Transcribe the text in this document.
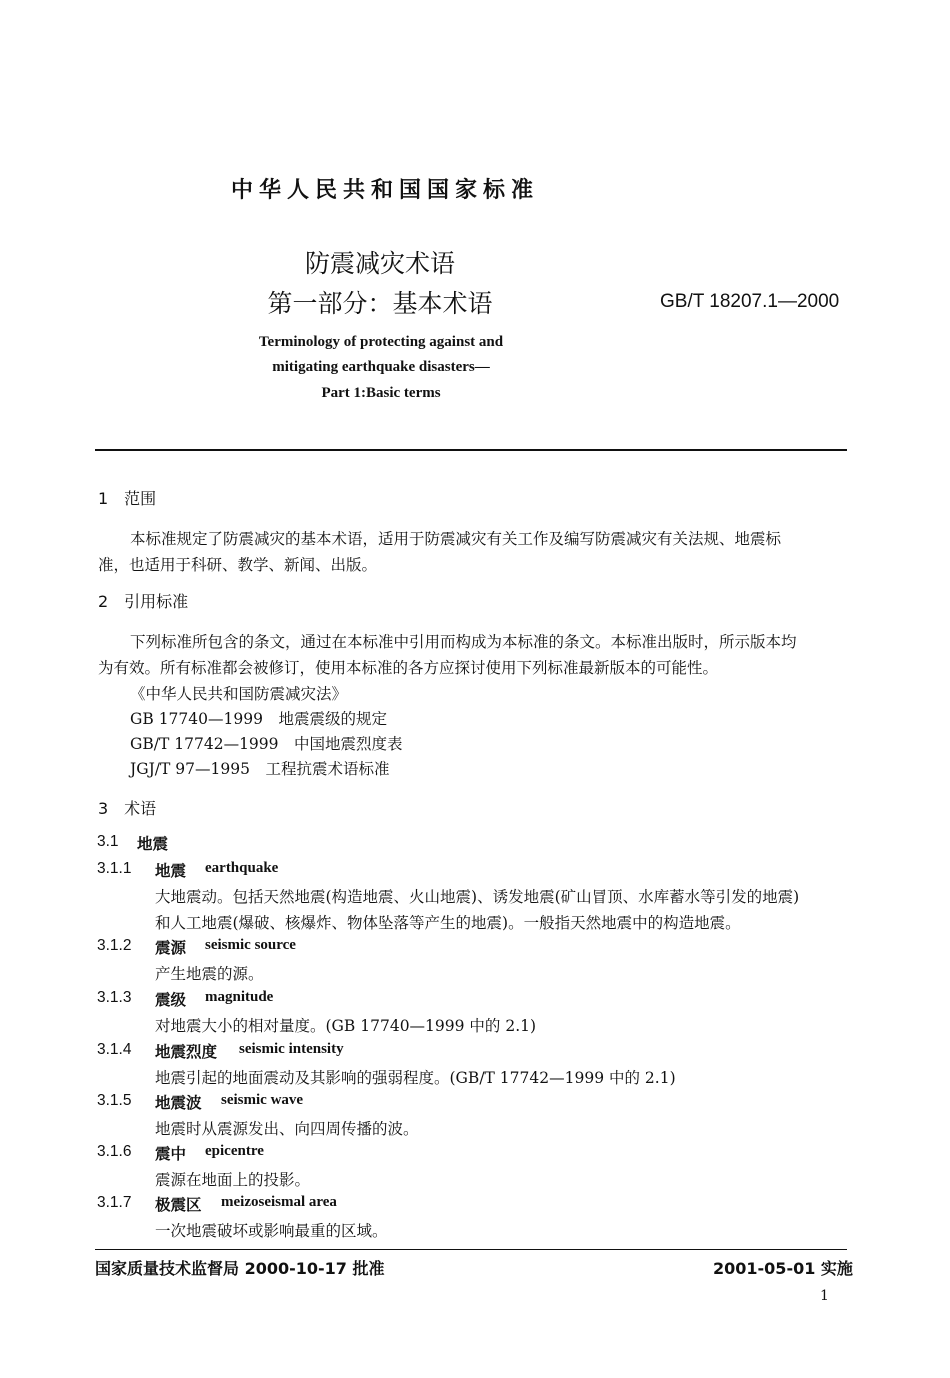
中华人民共和国国家标准
防震减灾术语
第一部分：基本术语	GB/T 18207.1—2000
Terminology of protecting against and
mitigating earthquake disasters—
Part 1:Basic terms
1　范围
本标准规定了防震减灾的基本术语，适用于防震减灾有关工作及编写防震减灾有关法规、地震标
准，也适用于科研、教学、新闻、出版。
2　引用标准
下列标准所包含的条文，通过在本标准中引用而构成为本标准的条文。本标准出版时，所示版本均
为有效。所有标准都会被修订，使用本标准的各方应探讨使用下列标准最新版本的可能性。
《中华人民共和国防震减灾法》
GB 17740—1999　地震震级的规定
GB/T 17742—1999　中国地震烈度表
JGJ/T 97—1995　工程抗震术语标准
3　术语
3.1 地震
3.1.1 地震 earthquake
大地震动。包括天然地震(构造地震、火山地震)、诱发地震(矿山冒顶、水库蓄水等引发的地震)
和人工地震(爆破、核爆炸、物体坠落等产生的地震)。一般指天然地震中的构造地震。
3.1.2 震源 seismic source
产生地震的源。
3.1.3 震级 magnitude
对地震大小的相对量度。(GB 17740—1999 中的 2.1)
3.1.4 地震烈度 seismic intensity
地震引起的地面震动及其影响的强弱程度。(GB/T 17742—1999 中的 2.1)
3.1.5 地震波 seismic wave
地震时从震源发出、向四周传播的波。
3.1.6 震中 epicentre
震源在地面上的投影。
3.1.7 极震区 meizoseismal area
一次地震破坏或影响最重的区域。
国家质量技术监督局 2000-10-17 批准	2001-05-01 实施
1
